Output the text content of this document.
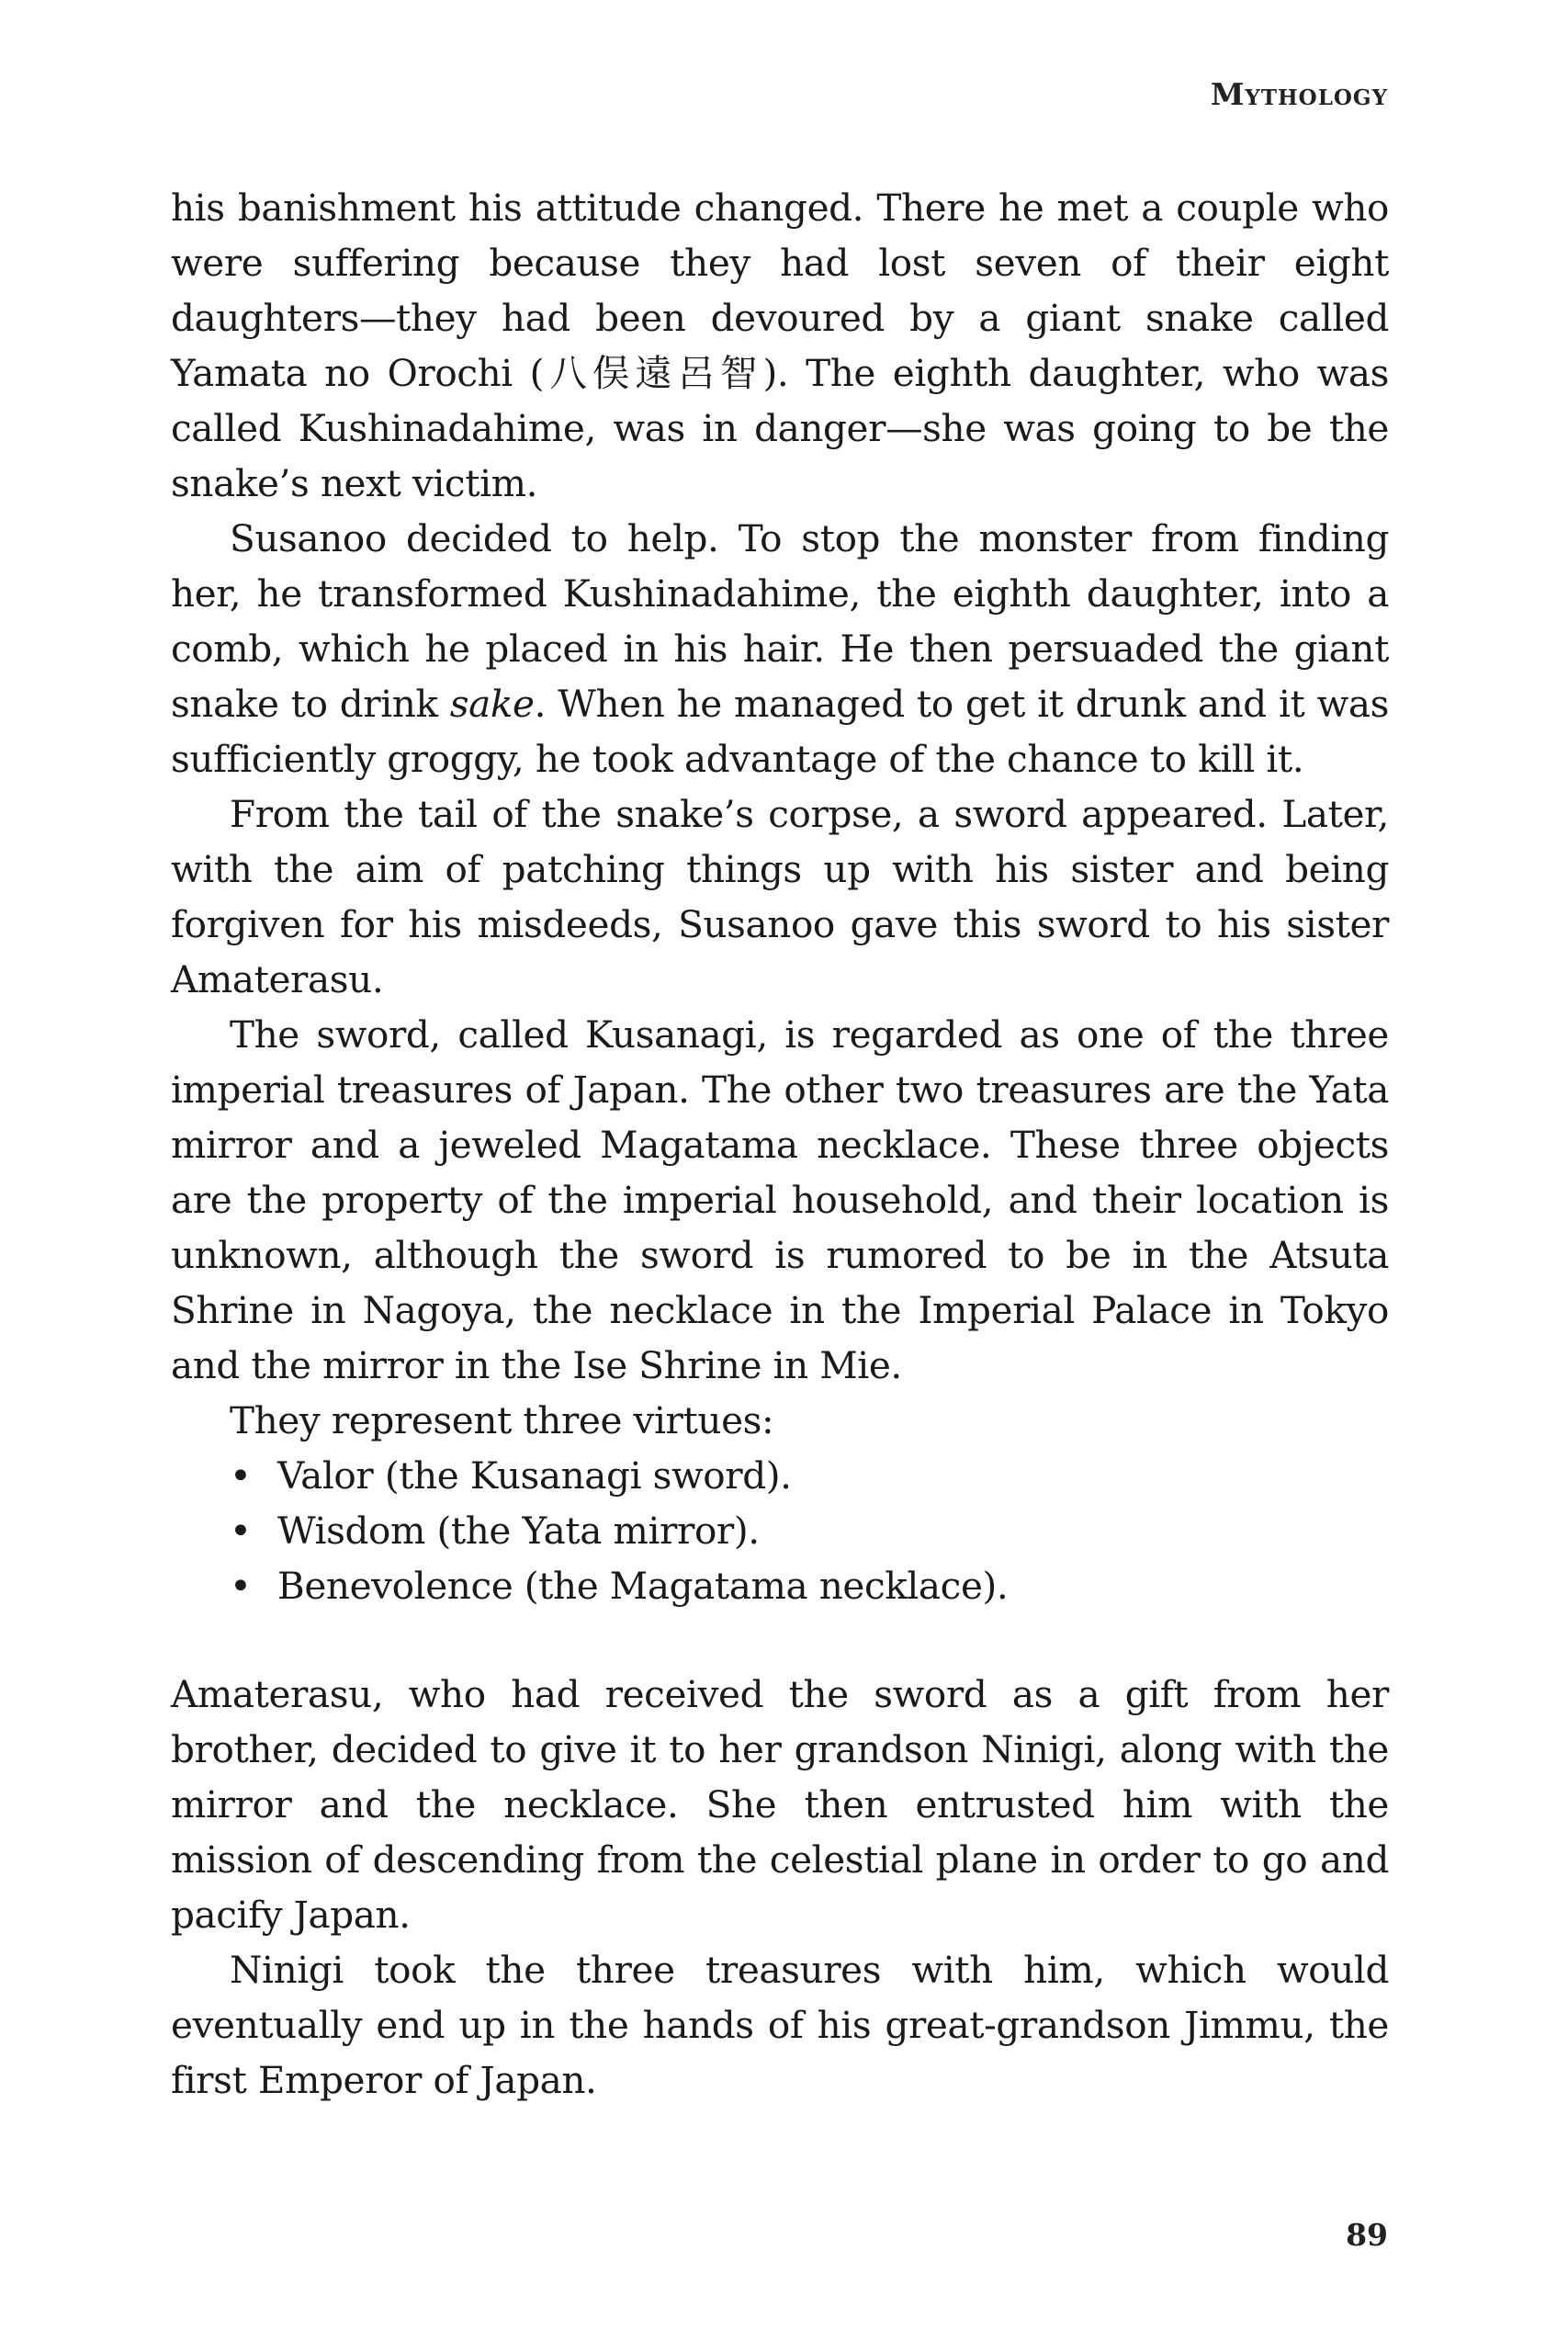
Mythology

his banishment his attitude changed. There he met a couple who were suffering because they had lost seven of their eight daughters—they had been devoured by a giant snake called Yamata no Orochi (八俣遠呂智). The eighth daughter, who was called Kushinadahime, was in danger—she was going to be the snake’s next victim.

Susanoo decided to help. To stop the monster from finding her, he transformed Kushinadahime, the eighth daughter, into a comb, which he placed in his hair. He then persuaded the giant snake to drink sake. When he managed to get it drunk and it was sufficiently groggy, he took advantage of the chance to kill it.

From the tail of the snake’s corpse, a sword appeared. Later, with the aim of patching things up with his sister and being forgiven for his misdeeds, Susanoo gave this sword to his sister Amaterasu.

The sword, called Kusanagi, is regarded as one of the three imperial treasures of Japan. The other two treasures are the Yata mirror and a jeweled Magatama necklace. These three objects are the property of the imperial household, and their location is unknown, although the sword is rumored to be in the Atsuta Shrine in Nagoya, the necklace in the Imperial Palace in Tokyo and the mirror in the Ise Shrine in Mie.

They represent three virtues:

• Valor (the Kusanagi sword).
• Wisdom (the Yata mirror).
• Benevolence (the Magatama necklace).

Amaterasu, who had received the sword as a gift from her brother, decided to give it to her grandson Ninigi, along with the mirror and the necklace. She then entrusted him with the mission of descending from the celestial plane in order to go and pacify Japan.

Ninigi took the three treasures with him, which would eventually end up in the hands of his great-grandson Jimmu, the first Emperor of Japan.

89
